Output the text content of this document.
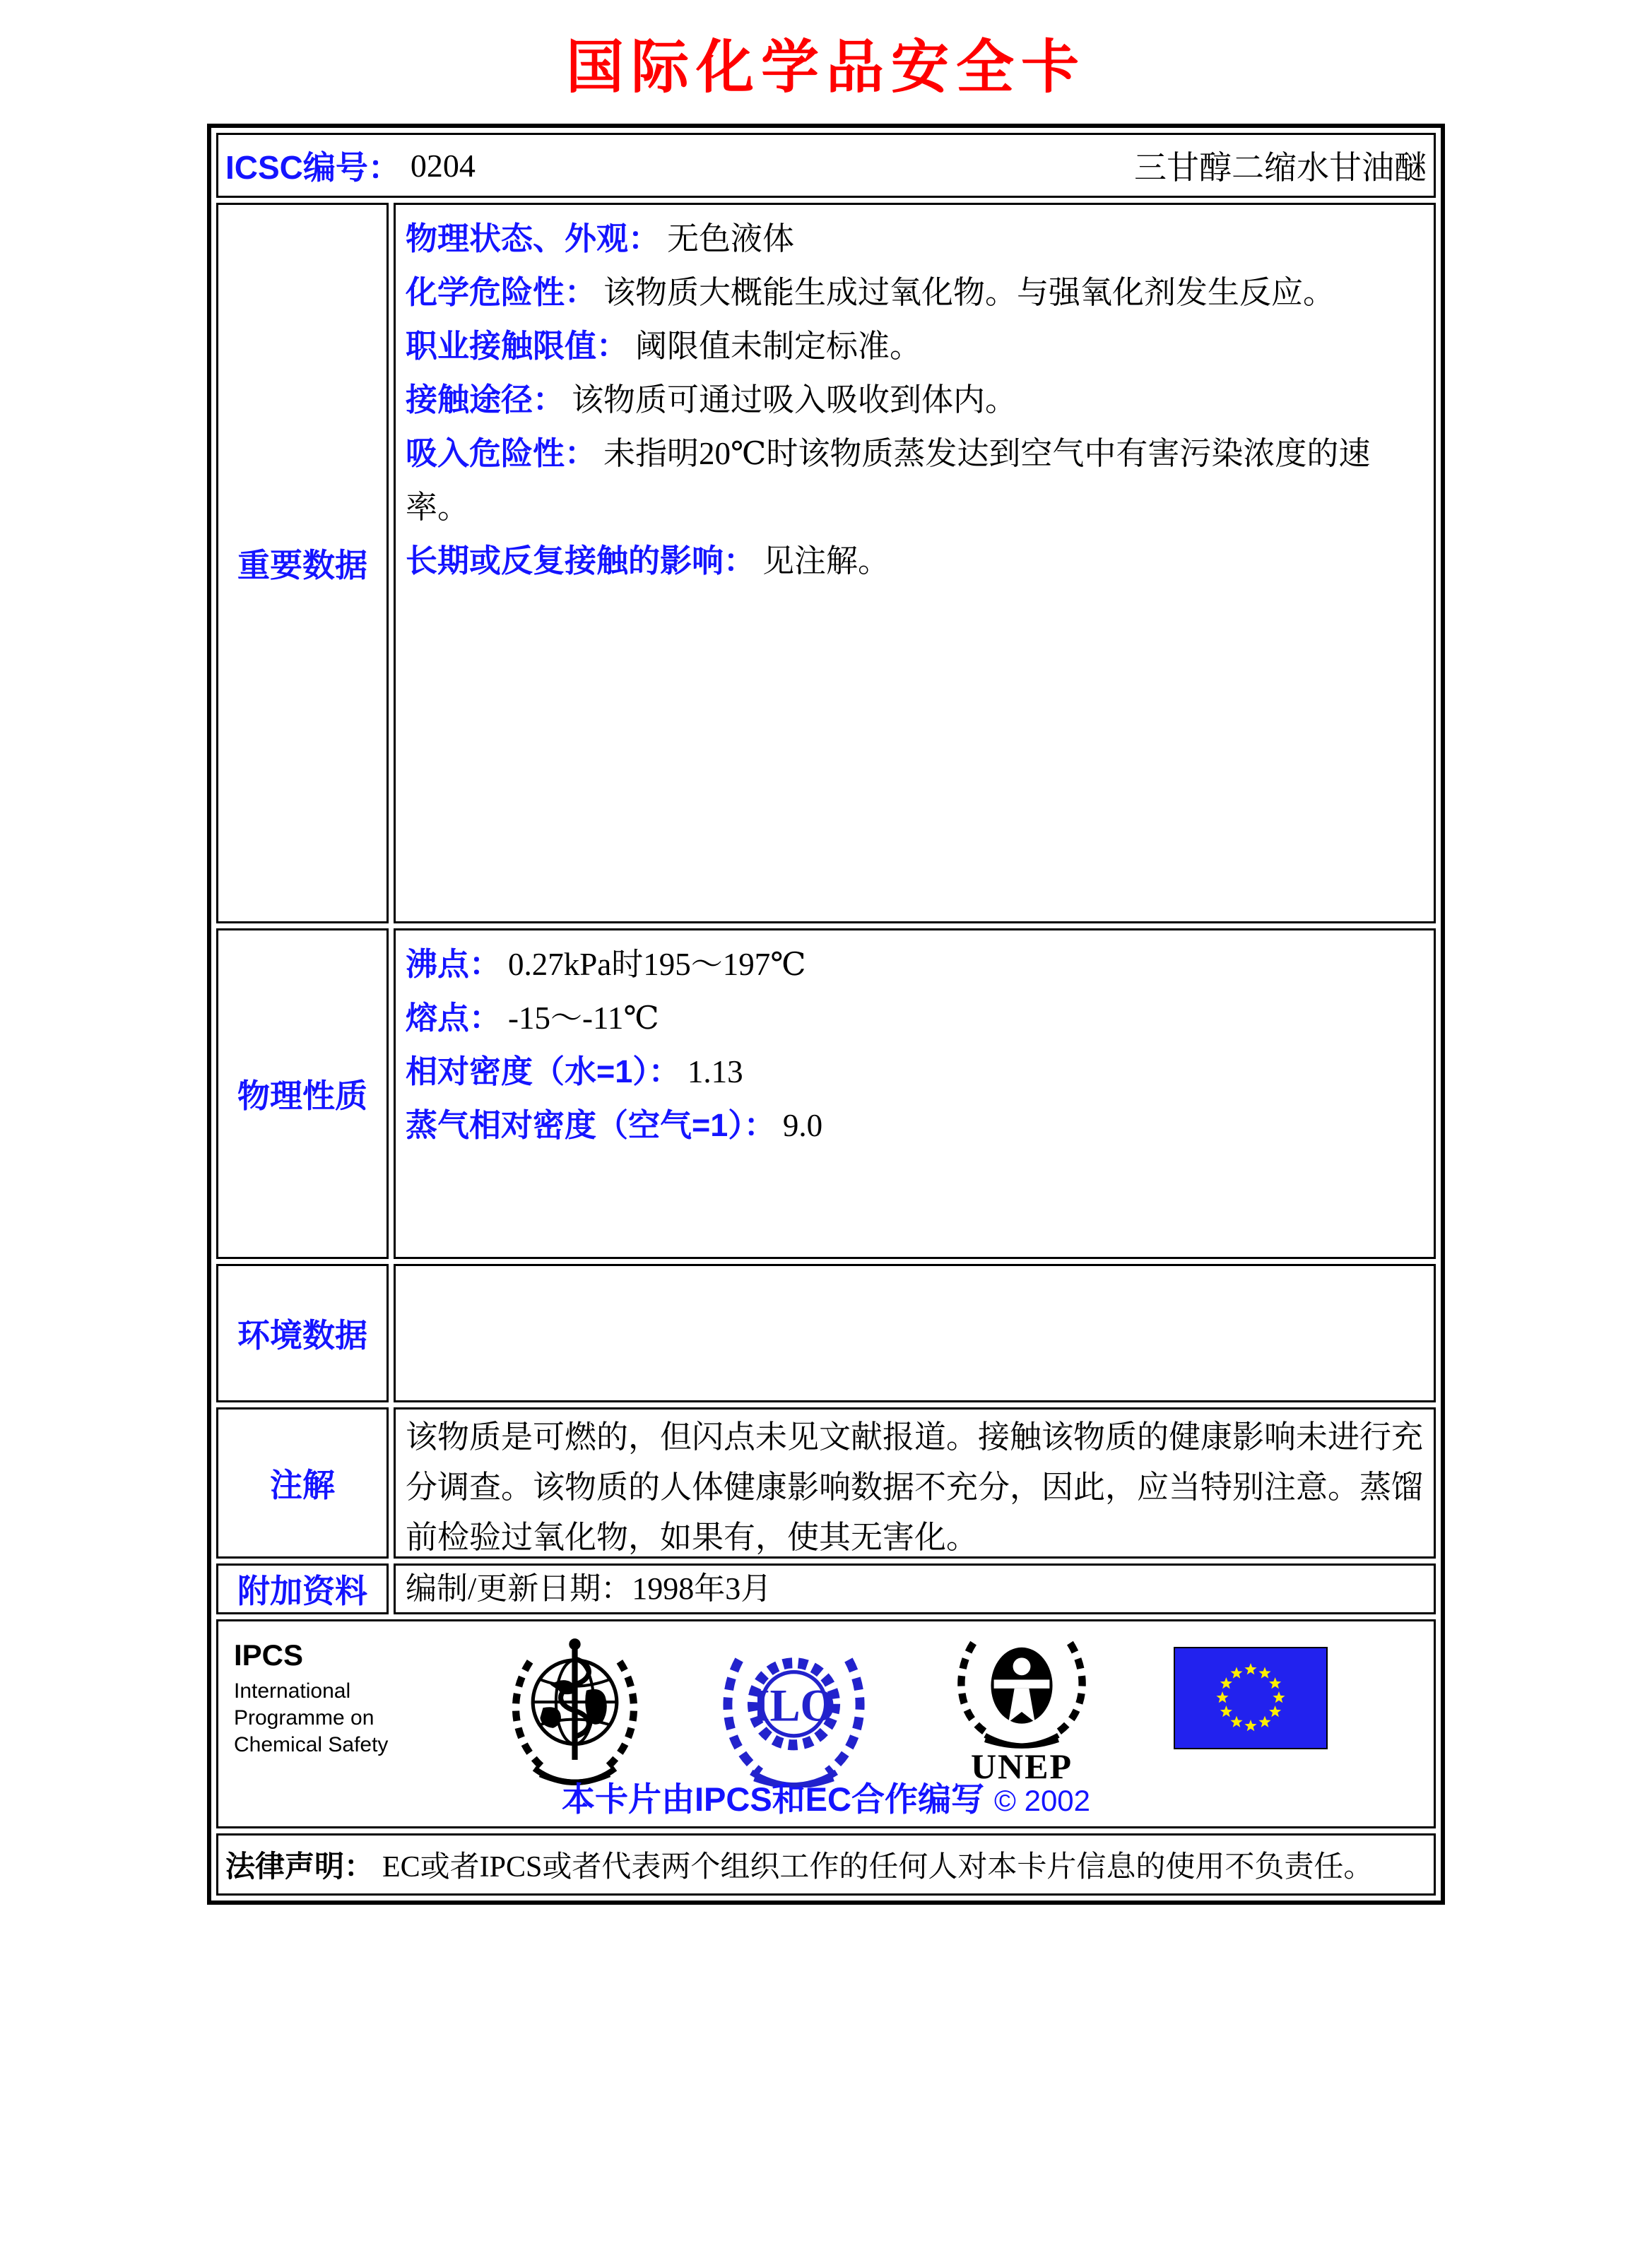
国际化学品安全卡
ICSC编号： 0204	三甘醇二缩水甘油醚
重要数据

物理状态、外观： 无色液体

化学危险性： 该物质大概能生成过氧化物。与强氧化剂发生反应。

职业接触限值： 阈限值未制定标准。

接触途径： 该物质可通过吸入吸收到体内。

吸入危险性： 未指明20℃时该物质蒸发达到空气中有害污染浓度的速率。

长期或反复接触的影响： 见注解。

物理性质

沸点： 0.27kPa时195～197℃

熔点： -15～-11℃

相对密度（水=1）： 1.13

蒸气相对密度（空气=1）： 9.0

环境数据
注解

该物质是可燃的，但闪点未见文献报道。接触该物质的健康影响未进行充分调查。该物质的人体健康影响数据不充分，因此，应当特别注意。蒸馏前检验过氧化物，如果有，使其无害化。

附加资料	编制/更新日期：1998年3月
IPCS
International
Programme on
Chemical Safety
ILO
UNEP
本卡片由IPCS和EC合作编写 © 2002
法律声明： EC或者IPCS或者代表两个组织工作的任何人对本卡片信息的使用不负责任。
